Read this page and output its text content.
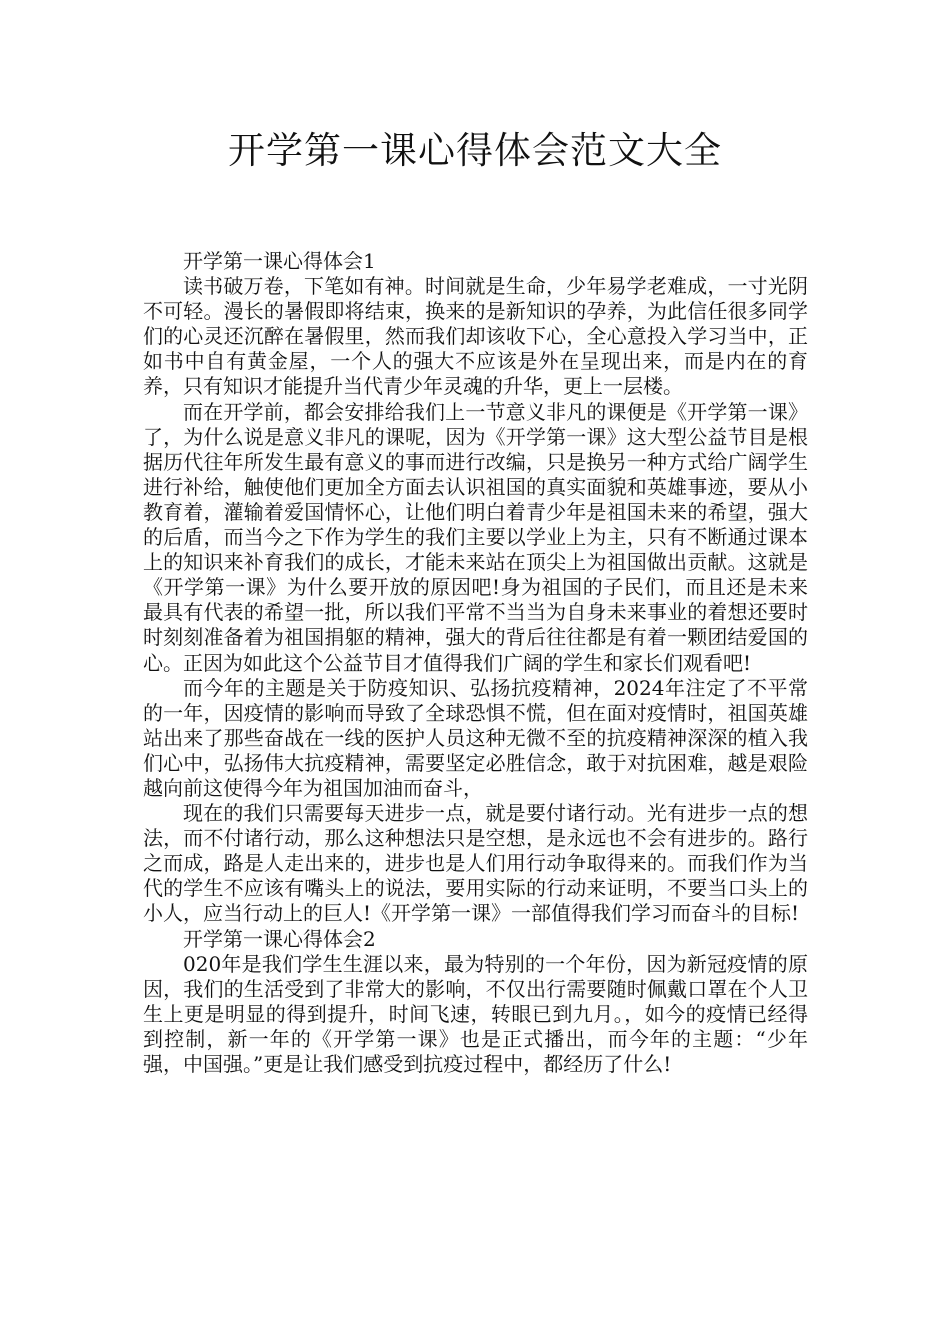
开学第一课心得体会范文大全

开学第一课心得体会1

读书破万卷，下笔如有神。时间就是生命，少年易学老难成，一寸光阴不可轻。漫长的暑假即将结束，换来的是新知识的孕养，为此信任很多同学们的心灵还沉醉在暑假里，然而我们却该收下心，全心意投入学习当中，正如书中自有黄金屋，一个人的强大不应该是外在呈现出来，而是内在的育养，只有知识才能提升当代青少年灵魂的升华，更上一层楼。

而在开学前，都会安排给我们上一节意义非凡的课便是《开学第一课》了，为什么说是意义非凡的课呢，因为《开学第一课》这大型公益节目是根据历代往年所发生最有意义的事而进行改编，只是换另一种方式给广阔学生进行补给，触使他们更加全方面去认识祖国的真实面貌和英雄事迹，要从小教育着，灌输着爱国情怀心，让他们明白着青少年是祖国未来的希望，强大的后盾，而当今之下作为学生的我们主要以学业上为主，只有不断通过课本上的知识来补育我们的成长，才能未来站在顶尖上为祖国做出贡献。这就是《开学第一课》为什么要开放的原因吧!身为祖国的子民们，而且还是未来最具有代表的希望一批，所以我们平常不当当为自身未来事业的着想还要时时刻刻准备着为祖国捐躯的精神，强大的背后往往都是有着一颗团结爱国的心。正因为如此这个公益节目才值得我们广阔的学生和家长们观看吧!

而今年的主题是关于防疫知识、弘扬抗疫精神，2024年注定了不平常的一年，因疫情的影响而导致了全球恐惧不慌，但在面对疫情时，祖国英雄站出来了那些奋战在一线的医护人员这种无微不至的抗疫精神深深的植入我们心中，弘扬伟大抗疫精神，需要坚定必胜信念，敢于对抗困难，越是艰险越向前这使得今年为祖国加油而奋斗，

现在的我们只需要每天进步一点，就是要付诸行动。光有进步一点的想法，而不付诸行动，那么这种想法只是空想，是永远也不会有进步的。路行之而成，路是人走出来的，进步也是人们用行动争取得来的。而我们作为当代的学生不应该有嘴头上的说法，要用实际的行动来证明，不要当口头上的小人，应当行动上的巨人!《开学第一课》一部值得我们学习而奋斗的目标!

开学第一课心得体会2

020年是我们学生生涯以来，最为特别的一个年份，因为新冠疫情的原因，我们的生活受到了非常大的影响，不仅出行需要随时佩戴口罩在个人卫生上更是明显的得到提升，时间飞速，转眼已到九月。，如今的疫情已经得到控制，新一年的《开学第一课》也是正式播出，而今年的主题：“少年强，中国强。”更是让我们感受到抗疫过程中，都经历了什么!
